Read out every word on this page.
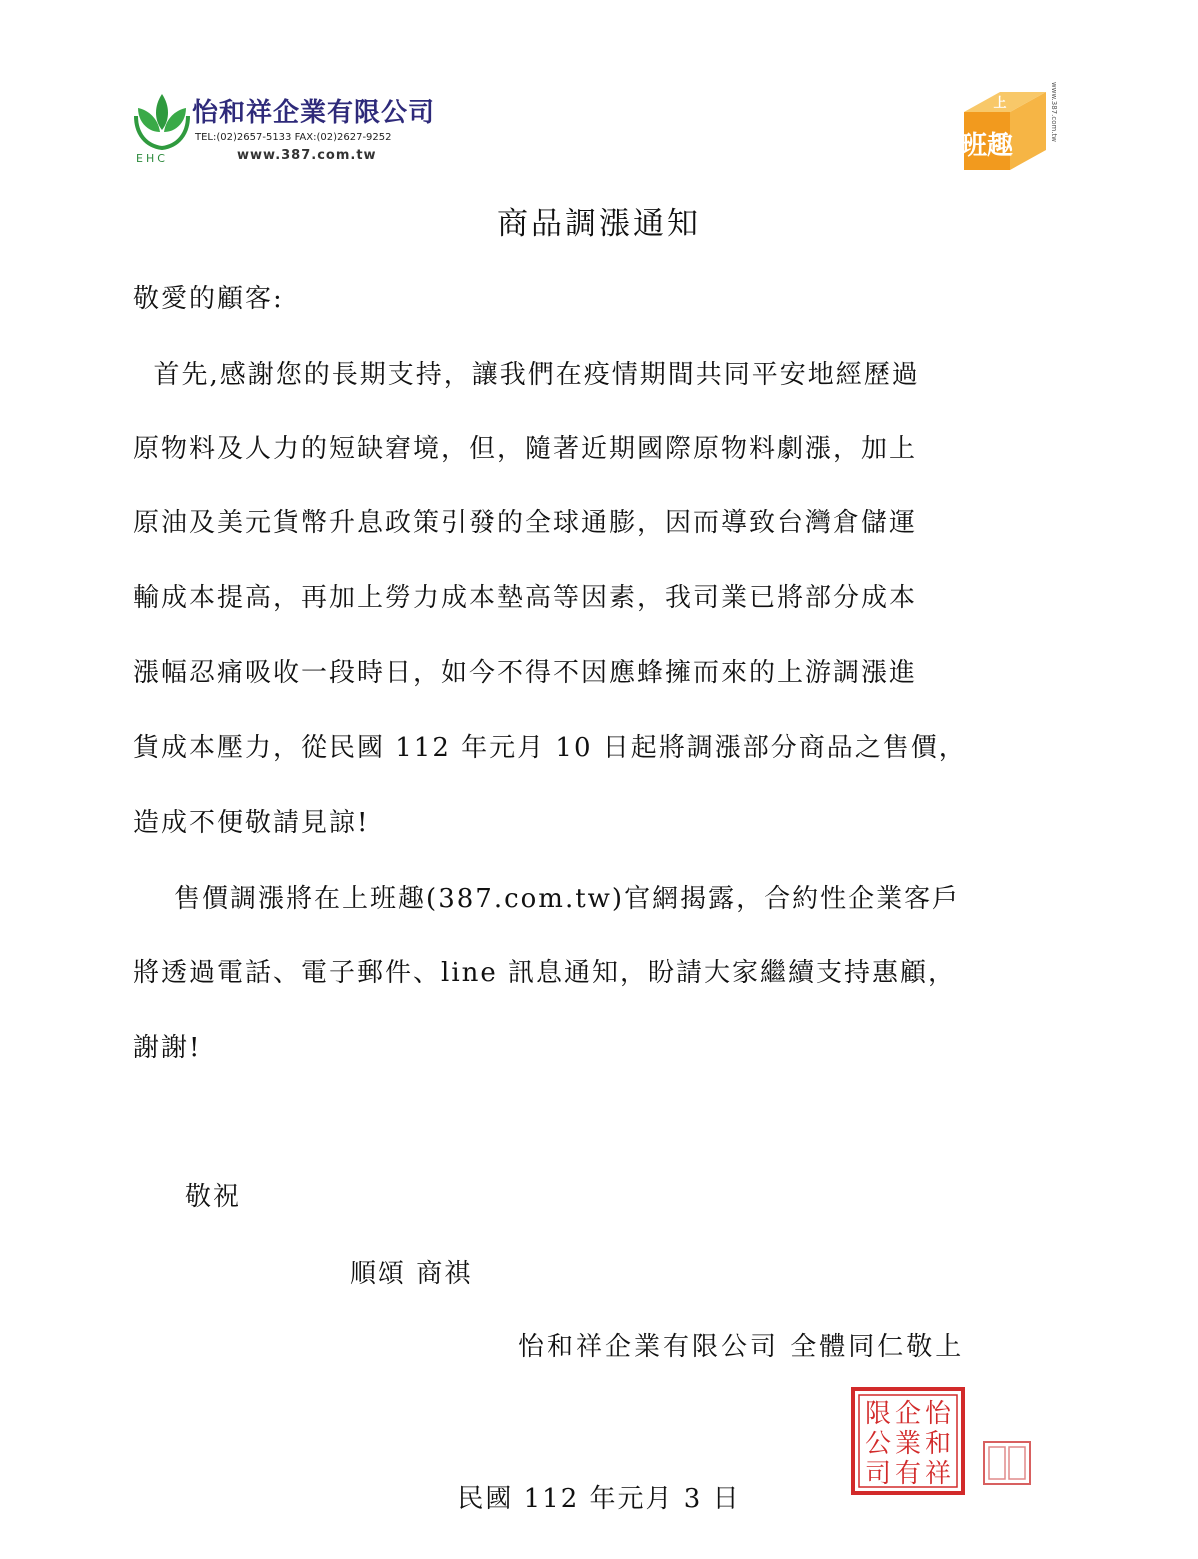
怡和祥企業有限公司
TEL:(02)2657-5133 FAX:(02)2627-9252
EHC	www.387.com.tw	班趣
上	www.387.com.tw
商品調漲通知
敬愛的顧客:
首先,感謝您的長期支持，讓我們在疫情期間共同平安地經歷過
原物料及人力的短缺窘境，但，隨著近期國際原物料劇漲，加上
原油及美元貨幣升息政策引發的全球通膨，因而導致台灣倉儲運
輸成本提高，再加上勞力成本墊高等因素，我司業已將部分成本
漲幅忍痛吸收一段時日，如今不得不因應蜂擁而來的上游調漲進
貨成本壓力，從民國 112 年元月 10 日起將調漲部分商品之售價，
造成不便敬請見諒!
售價調漲將在上班趣(387.com.tw)官網揭露，合約性企業客戶
將透過電話、電子郵件、line 訊息通知，盼請大家繼續支持惠顧，
謝謝!
敬祝
順頌 商祺
怡和祥企業有限公司 全體同仁敬上
怡
和
祥
企
業
有
限
公
司
民國 112 年元月 3 日
